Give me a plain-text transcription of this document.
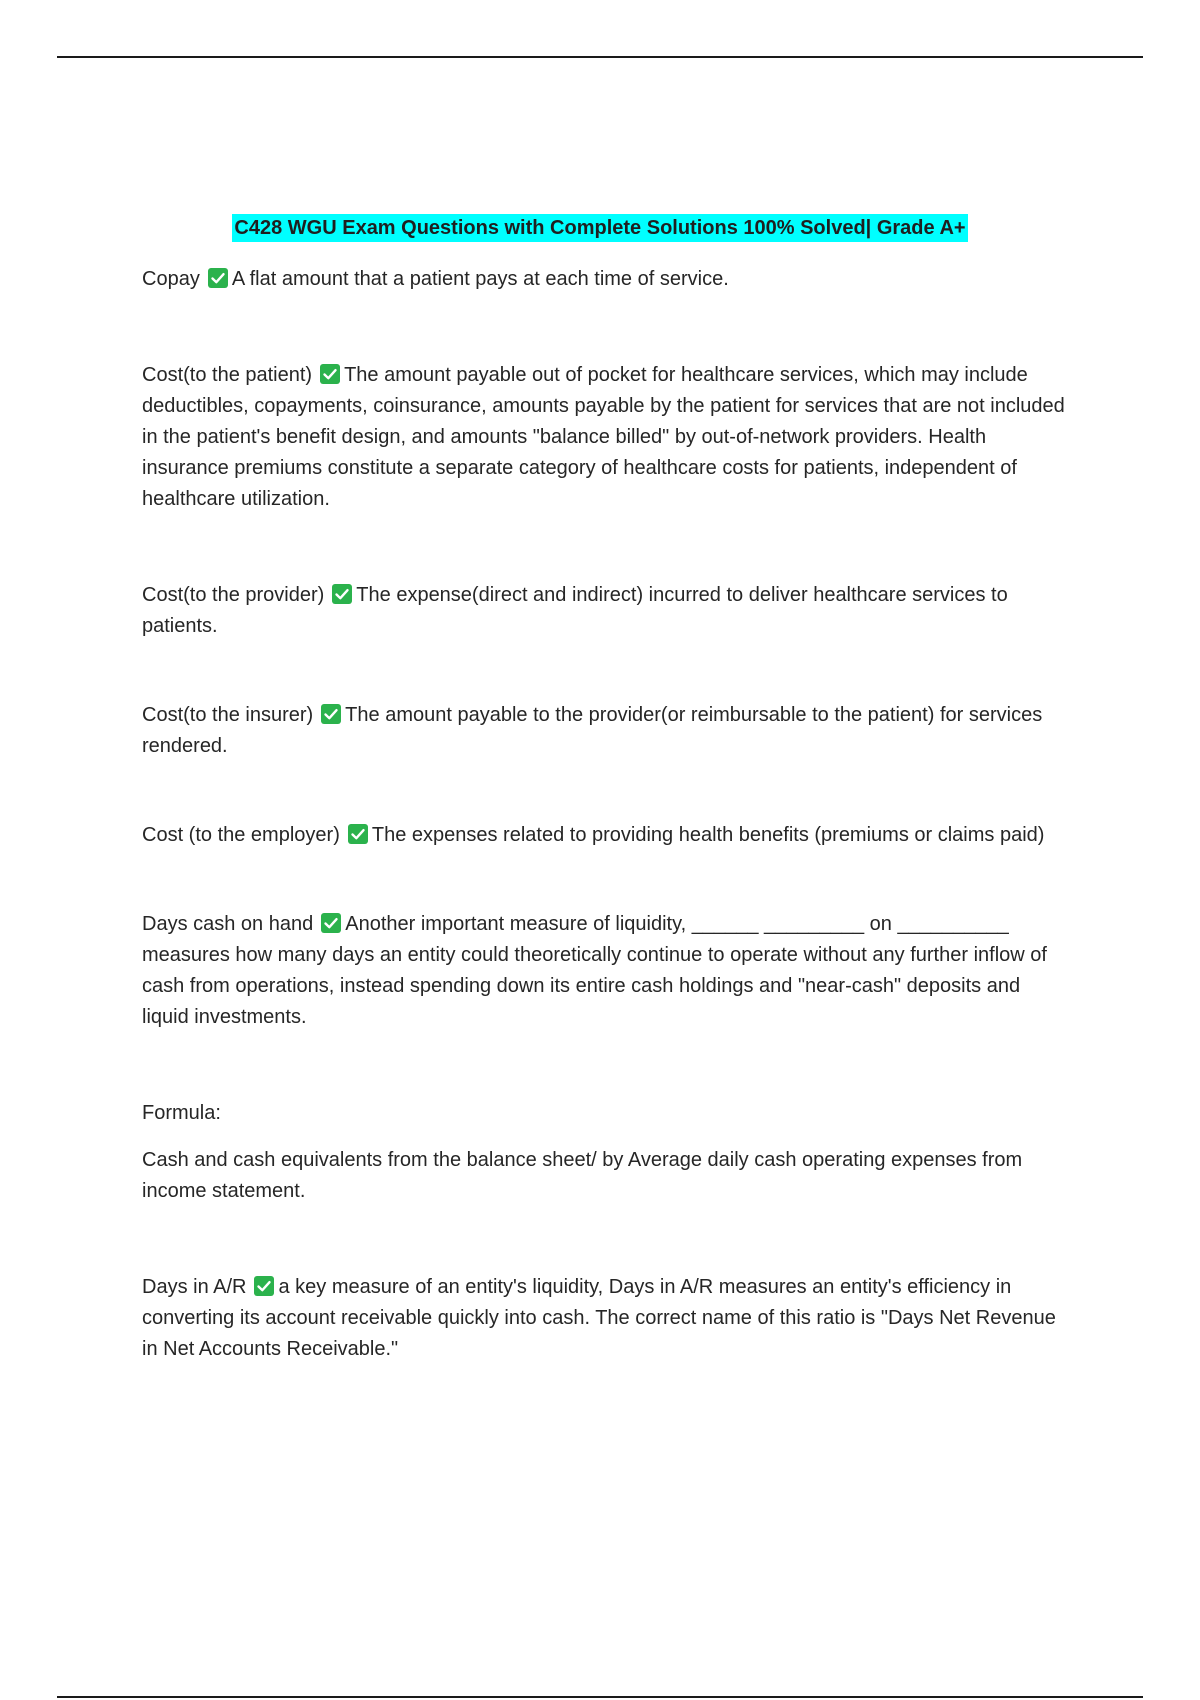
C428 WGU Exam Questions with Complete Solutions 100% Solved| Grade A+

Copay A flat amount that a patient pays at each time of service.

Cost(to the patient) The amount payable out of pocket for healthcare services, which may include deductibles, copayments, coinsurance, amounts payable by the patient for services that are not included in the patient's benefit design, and amounts "balance billed" by out-of-network providers. Health insurance premiums constitute a separate category of healthcare costs for patients, independent of healthcare utilization.

Cost(to the provider) The expense(direct and indirect) incurred to deliver healthcare services to patients.

Cost(to the insurer) The amount payable to the provider(or reimbursable to the patient) for services rendered.

Cost (to the employer) The expenses related to providing health benefits (premiums or claims paid)

Days cash on hand Another important measure of liquidity, ______ _________ on __________ measures how many days an entity could theoretically continue to operate without any further inflow of cash from operations, instead spending down its entire cash holdings and "near-cash" deposits and liquid investments.

Formula:

Cash and cash equivalents from the balance sheet/ by Average daily cash operating expenses from income statement.

Days in A/R a key measure of an entity's liquidity, Days in A/R measures an entity's efficiency in converting its account receivable quickly into cash. The correct name of this ratio is "Days Net Revenue in Net Accounts Receivable."
